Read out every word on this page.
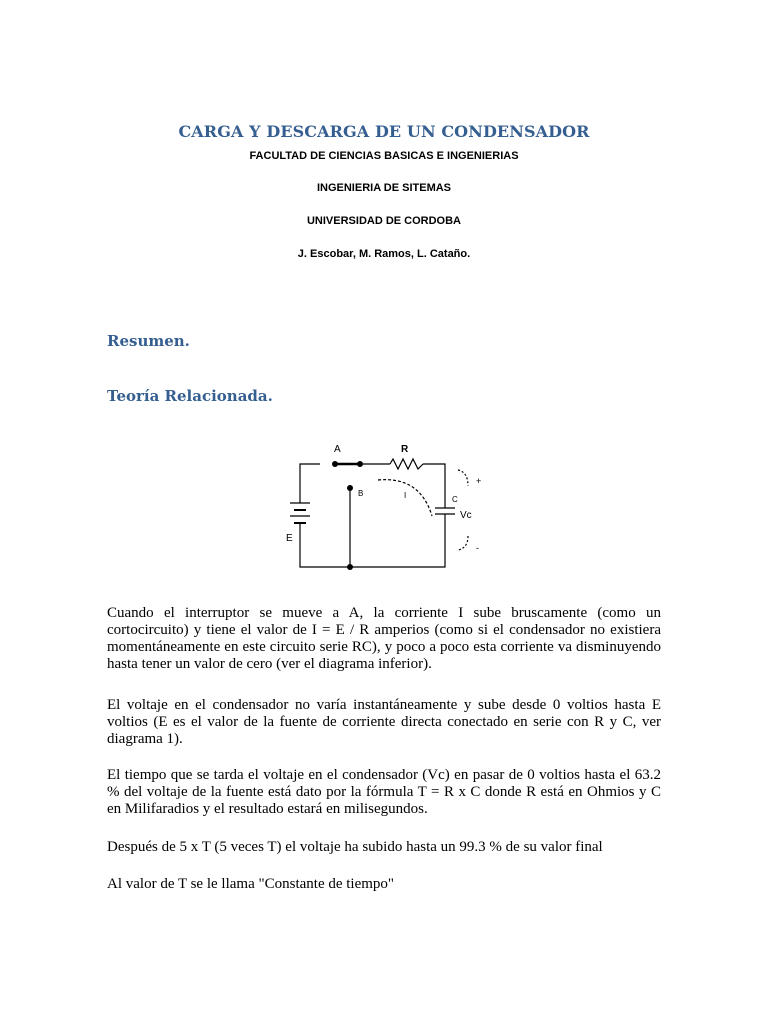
CARGA Y DESCARGA DE UN CONDENSADOR
FACULTAD DE CIENCIAS BASICAS E INGENIERIAS
INGENIERIA DE SITEMAS
UNIVERSIDAD DE CORDOBA
J. Escobar, M. Ramos, L. Cataño.
Resumen.
Teoría Relacionada.
A	R
B	I	C
Vc
E
+
-
Cuando el interruptor se mueve a A, la corriente I sube bruscamente (como un
cortocircuito) y tiene el valor de I = E / R amperios (como si el condensador no existiera
momentáneamente en este circuito serie RC), y poco a poco esta corriente va disminuyendo
hasta tener un valor de cero (ver el diagrama inferior).
El voltaje en el condensador no varía instantáneamente y sube desde 0 voltios hasta E
voltios (E es el valor de la fuente de corriente directa conectado en serie con R y C, ver
diagrama 1).
El tiempo que se tarda el voltaje en el condensador (Vc) en pasar de 0 voltios hasta el 63.2
% del voltaje de la fuente está dato por la fórmula T = R x C donde R está en Ohmios y C
en Milifaradios y el resultado estará en milisegundos.
Después de 5 x T (5 veces T) el voltaje ha subido hasta un 99.3 % de su valor final
Al valor de T se le llama "Constante de tiempo"
